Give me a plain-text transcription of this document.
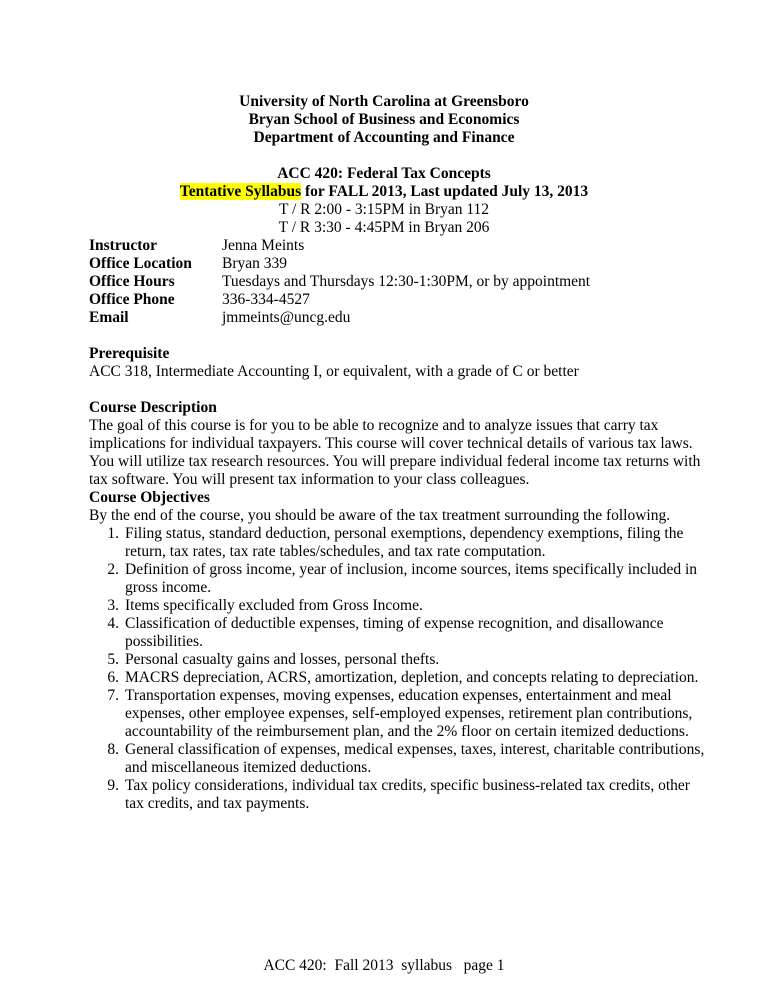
University of North Carolina at Greensboro
Bryan School of Business and Economics
Department of Accounting and Finance
ACC 420: Federal Tax Concepts
Tentative Syllabus for FALL 2013, Last updated July 13, 2013
T / R 2:00 - 3:15PM in Bryan 112
T / R 3:30 - 4:45PM in Bryan 206
Instructor	Jenna Meints
Office Location	Bryan 339
Office Hours	Tuesdays and Thursdays 12:30-1:30PM, or by appointment
Office Phone	336-334-4527
Email	jmmeints@uncg.edu
Prerequisite
ACC 318, Intermediate Accounting I, or equivalent, with a grade of C or better
Course Description
The goal of this course is for you to be able to recognize and to analyze issues that carry tax implications for individual taxpayers. This course will cover technical details of various tax laws. You will utilize tax research resources. You will prepare individual federal income tax returns with tax software. You will present tax information to your class colleagues.
Course Objectives
By the end of the course, you should be aware of the tax treatment surrounding the following.
1. Filing status, standard deduction, personal exemptions, dependency exemptions, filing the return, tax rates, tax rate tables/schedules, and tax rate computation.
2. Definition of gross income, year of inclusion, income sources, items specifically included in gross income.
3. Items specifically excluded from Gross Income.
4. Classification of deductible expenses, timing of expense recognition, and disallowance possibilities.
5. Personal casualty gains and losses, personal thefts.
6. MACRS depreciation, ACRS, amortization, depletion, and concepts relating to depreciation.
7. Transportation expenses, moving expenses, education expenses, entertainment and meal expenses, other employee expenses, self-employed expenses, retirement plan contributions, accountability of the reimbursement plan, and the 2% floor on certain itemized deductions.
8. General classification of expenses, medical expenses, taxes, interest, charitable contributions, and miscellaneous itemized deductions.
9. Tax policy considerations, individual tax credits, specific business-related tax credits, other tax credits, and tax payments.
ACC 420:  Fall 2013  syllabus   page 1
